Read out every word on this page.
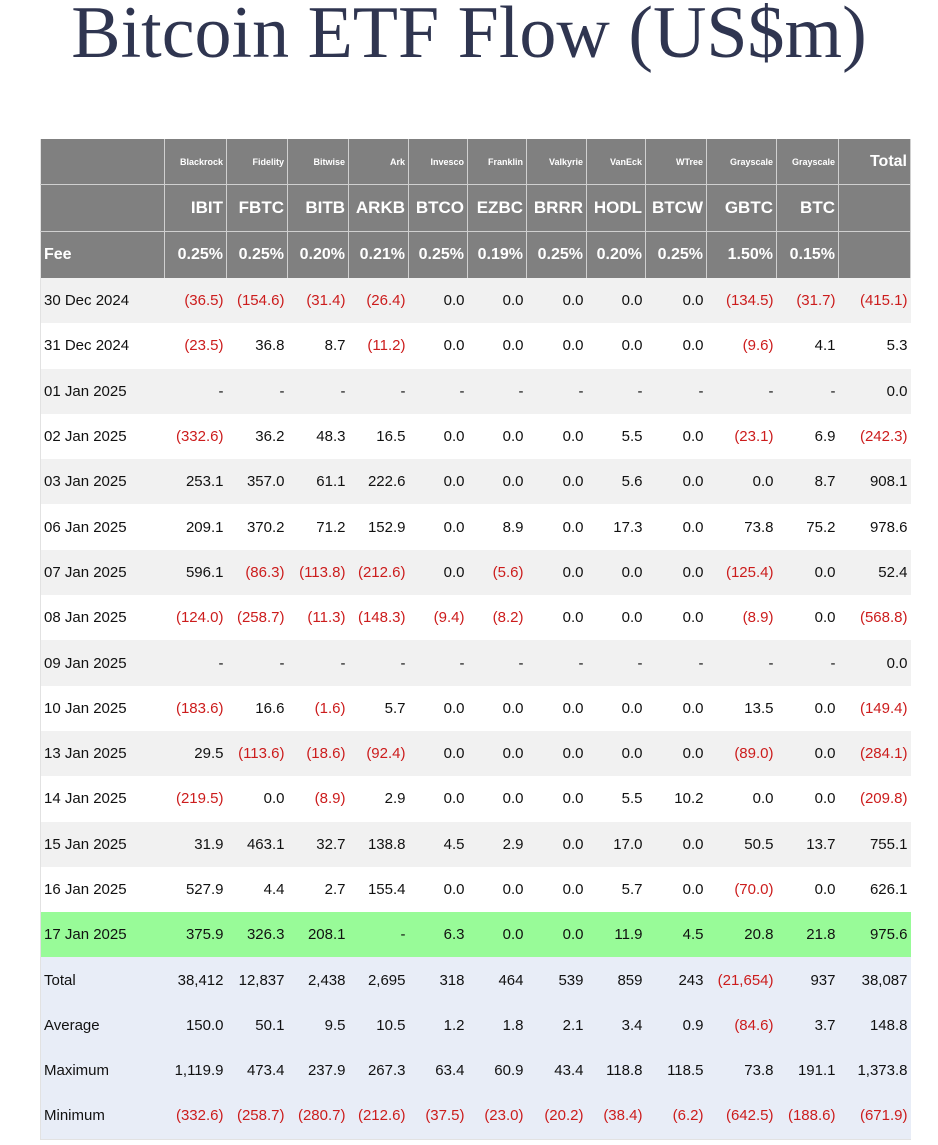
Bitcoin ETF Flow (US$m)
	Blackrock	Fidelity	Bitwise	Ark	Invesco	Franklin	Valkyrie	VanEck	WTree	Grayscale	Grayscale	Total
	IBIT	FBTC	BITB	ARKB	BTCO	EZBC	BRRR	HODL	BTCW	GBTC	BTC	
Fee	0.25%	0.25%	0.20%	0.21%	0.25%	0.19%	0.25%	0.20%	0.25%	1.50%	0.15%	
30 Dec 2024	(36.5)	(154.6)	(31.4)	(26.4)	0.0	0.0	0.0	0.0	0.0	(134.5)	(31.7)	(415.1)
31 Dec 2024	(23.5)	36.8	8.7	(11.2)	0.0	0.0	0.0	0.0	0.0	(9.6)	4.1	5.3
01 Jan 2025	-	-	-	-	-	-	-	-	-	-	-	0.0
02 Jan 2025	(332.6)	36.2	48.3	16.5	0.0	0.0	0.0	5.5	0.0	(23.1)	6.9	(242.3)
03 Jan 2025	253.1	357.0	61.1	222.6	0.0	0.0	0.0	5.6	0.0	0.0	8.7	908.1
06 Jan 2025	209.1	370.2	71.2	152.9	0.0	8.9	0.0	17.3	0.0	73.8	75.2	978.6
07 Jan 2025	596.1	(86.3)	(113.8)	(212.6)	0.0	(5.6)	0.0	0.0	0.0	(125.4)	0.0	52.4
08 Jan 2025	(124.0)	(258.7)	(11.3)	(148.3)	(9.4)	(8.2)	0.0	0.0	0.0	(8.9)	0.0	(568.8)
09 Jan 2025	-	-	-	-	-	-	-	-	-	-	-	0.0
10 Jan 2025	(183.6)	16.6	(1.6)	5.7	0.0	0.0	0.0	0.0	0.0	13.5	0.0	(149.4)
13 Jan 2025	29.5	(113.6)	(18.6)	(92.4)	0.0	0.0	0.0	0.0	0.0	(89.0)	0.0	(284.1)
14 Jan 2025	(219.5)	0.0	(8.9)	2.9	0.0	0.0	0.0	5.5	10.2	0.0	0.0	(209.8)
15 Jan 2025	31.9	463.1	32.7	138.8	4.5	2.9	0.0	17.0	0.0	50.5	13.7	755.1
16 Jan 2025	527.9	4.4	2.7	155.4	0.0	0.0	0.0	5.7	0.0	(70.0)	0.0	626.1
17 Jan 2025	375.9	326.3	208.1	-	6.3	0.0	0.0	11.9	4.5	20.8	21.8	975.6
Total	38,412	12,837	2,438	2,695	318	464	539	859	243	(21,654)	937	38,087
Average	150.0	50.1	9.5	10.5	1.2	1.8	2.1	3.4	0.9	(84.6)	3.7	148.8
Maximum	1,119.9	473.4	237.9	267.3	63.4	60.9	43.4	118.8	118.5	73.8	191.1	1,373.8
Minimum	(332.6)	(258.7)	(280.7)	(212.6)	(37.5)	(23.0)	(20.2)	(38.4)	(6.2)	(642.5)	(188.6)	(671.9)
